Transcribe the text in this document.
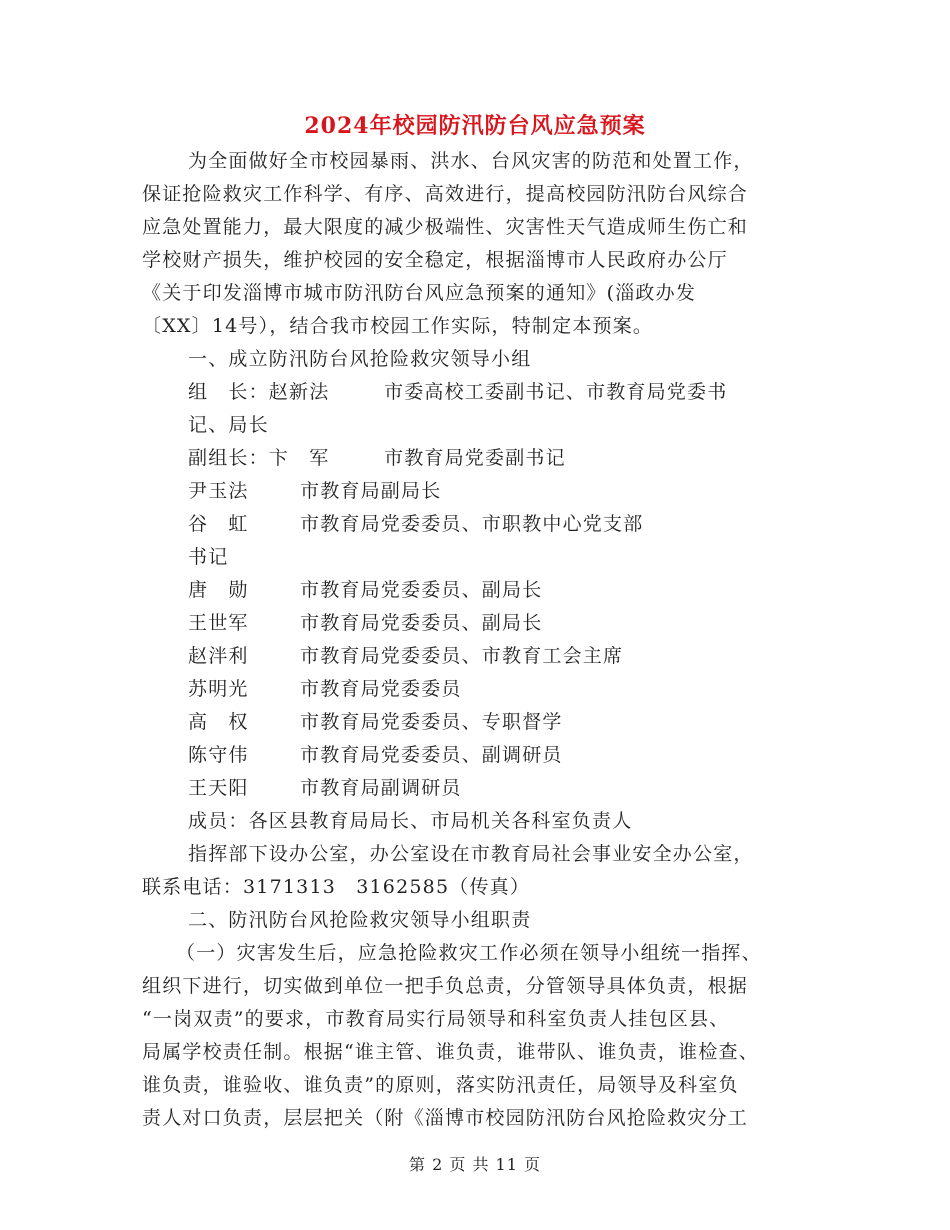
2024年校园防汛防台风应急预案
为全面做好全市校园暴雨、洪水、台风灾害的防范和处置工作，
保证抢险救灾工作科学、有序、高效进行，提高校园防汛防台风综合
应急处置能力，最大限度的减少极端性、灾害性天气造成师生伤亡和
学校财产损失，维护校园的安全稳定，根据淄博市人民政府办公厅
《关于印发淄博市城市防汛防台风应急预案的通知》(淄政办发
〔XX〕14号），结合我市校园工作实际，特制定本预案。
一、成立防汛防台风抢险救灾领导小组
组　长：赵新法	市委高校工委副书记、市教育局党委书
记、局长
副组长：卞　军	市教育局党委副书记
尹玉法	市教育局副局长
谷　虹	市教育局党委委员、市职教中心党支部
书记
唐　勋	市教育局党委委员、副局长
王世军	市教育局党委委员、副局长
赵泮利	市教育局党委委员、市教育工会主席
苏明光	市教育局党委委员
高　权	市教育局党委委员、专职督学
陈守伟	市教育局党委委员、副调研员
王天阳	市教育局副调研员
成员：各区县教育局局长、市局机关各科室负责人
指挥部下设办公室，办公室设在市教育局社会事业安全办公室，
联系电话：3171313　3162585（传真）
二、防汛防台风抢险救灾领导小组职责
（一）灾害发生后，应急抢险救灾工作必须在领导小组统一指挥、
组织下进行，切实做到单位一把手负总责，分管领导具体负责，根据
“一岗双责”的要求，市教育局实行局领导和科室负责人挂包区县、
局属学校责任制。根据“谁主管、谁负责，谁带队、谁负责，谁检查、
谁负责，谁验收、谁负责”的原则，落实防汛责任，局领导及科室负
责人对口负责，层层把关（附《淄博市校园防汛防台风抢险救灾分工
第 2 页 共 11 页
